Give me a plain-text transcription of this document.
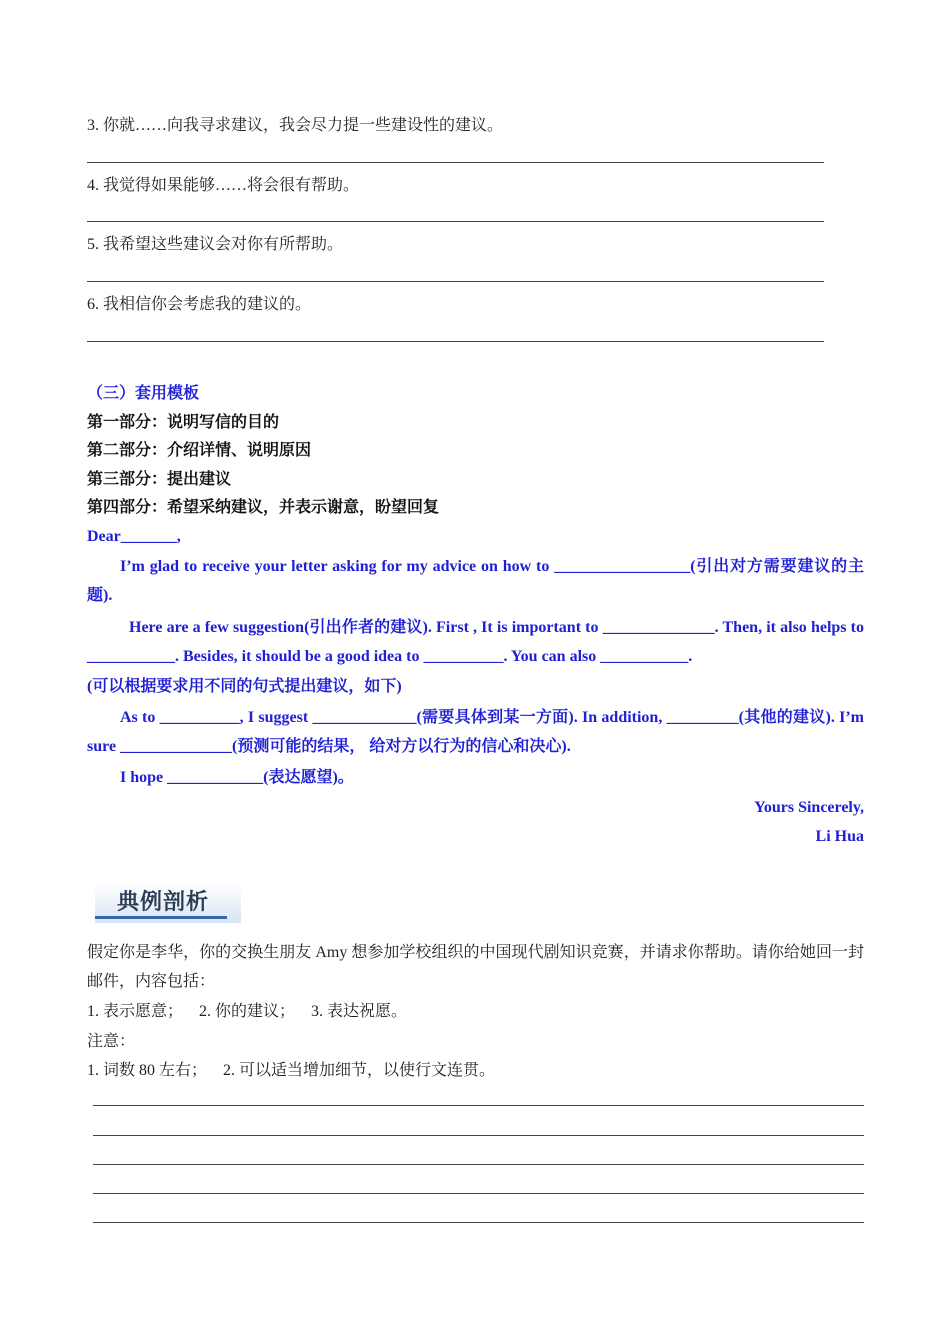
3. 你就……向我寻求建议，我会尽力提一些建设性的建议。
4. 我觉得如果能够……将会很有帮助。
5. 我希望这些建议会对你有所帮助。
6. 我相信你会考虑我的建议的。
（三）套用模板
第一部分：说明写信的目的
第二部分：介绍详情、说明原因
第三部分：提出建议
第四部分：希望采纳建议，并表示谢意，盼望回复
Dear_______,
I’m glad to receive your letter asking for my advice on how to _________________(引出对方需要建议的主题).
Here are a few suggestion(引出作者的建议). First , It is important to ______________. Then, it also helps to ___________. Besides, it should be a good idea to __________. You can also ___________.
(可以根据要求用不同的句式提出建议，如下)
As to __________, I suggest _____________(需要具体到某一方面). In addition, _________(其他的建议). I’m sure ______________(预测可能的结果， 给对方以行为的信心和决心).
I hope ____________(表达愿望)。
Yours Sincerely,
Li Hua
典例剖析
假定你是李华，你的交换生朋友 Amy 想参加学校组织的中国现代剧知识竞赛，并请求你帮助。请你给她回一封邮件，内容包括：
1. 表示愿意；    2. 你的建议；    3. 表达祝愿。
注意：
1. 词数 80 左右；    2. 可以适当增加细节，以使行文连贯。
